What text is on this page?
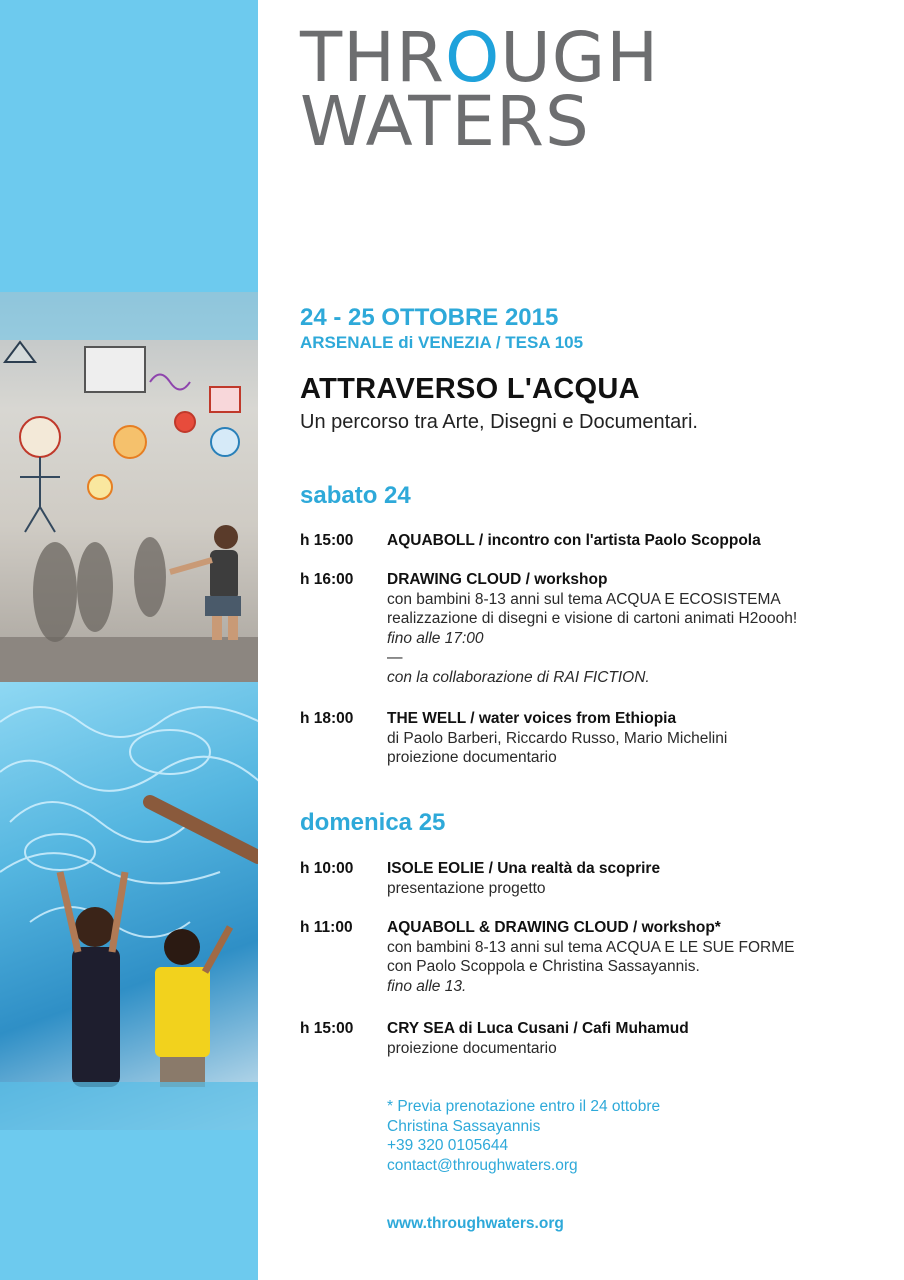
THROUGH
WATERS
24 - 25 OTTOBRE 2015
ARSENALE di VENEZIA / TESA 105
ATTRAVERSO L'ACQUA
Un percorso tra Arte, Disegni e Documentari.
sabato 24
h 15:00 AQUABOLL / incontro con l'artista Paolo Scoppola
h 16:00 DRAWING CLOUD / workshop
con bambini 8-13 anni sul tema ACQUA E ECOSISTEMA
realizzazione di disegni e visione di cartoni animati H2oooh!
fino alle 17:00
—
con la collaborazione di RAI FICTION.
h 18:00 THE WELL / water voices from Ethiopia
di Paolo Barberi, Riccardo Russo, Mario Michelini
proiezione documentario
domenica 25
h 10:00 ISOLE EOLIE / Una realtà da scoprire
presentazione progetto
h 11:00 AQUABOLL & DRAWING CLOUD / workshop*
con bambini 8-13 anni sul tema ACQUA E LE SUE FORME
con Paolo Scoppola e Christina Sassayannis.
fino alle 13.
h 15:00 CRY SEA di Luca Cusani / Cafi Muhamud
proiezione documentario
* Previa prenotazione entro il 24 ottobre
Christina Sassayannis
+39 320 0105644
contact@throughwaters.org
www.throughwaters.org
